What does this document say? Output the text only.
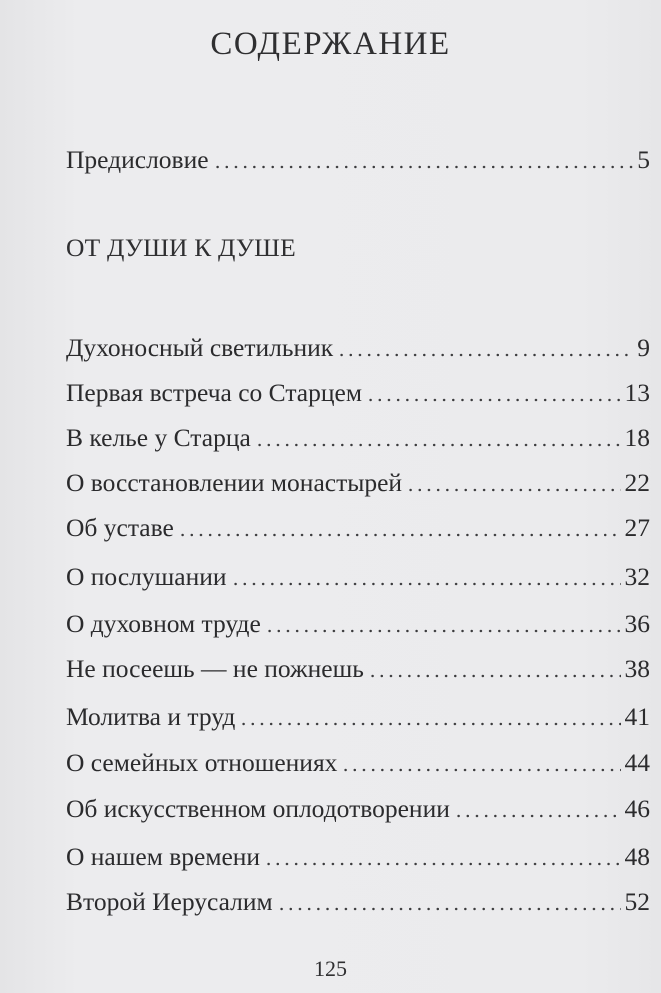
СОДЕРЖАНИЕ
Предисловие	5
ОТ ДУШИ К ДУШЕ
Духоносный светильник	9
Первая встреча со Старцем	13
В келье у Старца	18
О восстановлении монастырей	22
Об уставе	27
О послушании	32
О духовном труде	36
Не посеешь — не пожнешь	38
Молитва и труд	41
О семейных отношениях	44
Об искусственном оплодотворении	46
О нашем времени	48
Второй Иерусалим	52
125
